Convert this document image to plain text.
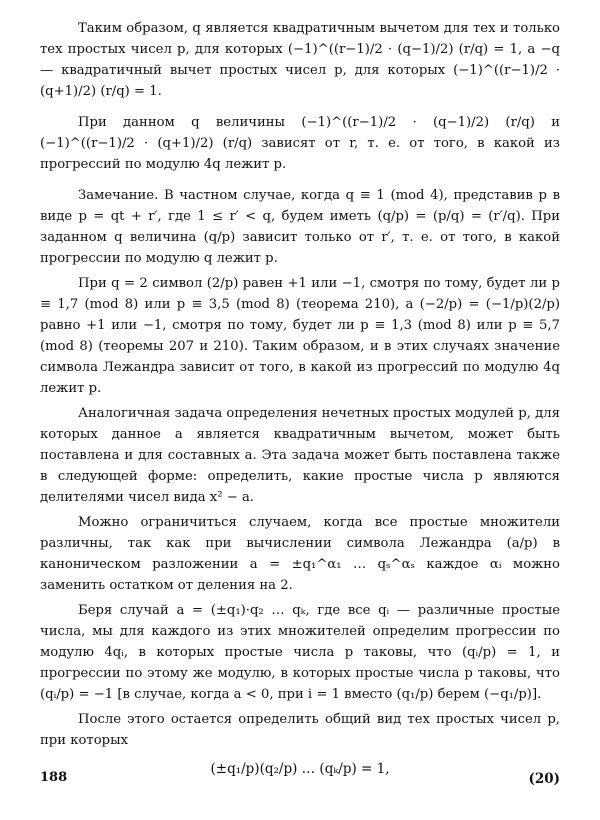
Таким образом, q является квадратичным вычетом для тех и только тех простых чисел p, для которых (−1)^((r−1)/2 · (q−1)/2) (r/q) = 1, а −q — квадратичный вычет простых чисел p, для которых (−1)^((r−1)/2 · (q+1)/2) (r/q) = 1.

При данном q величины (−1)^((r−1)/2 · (q−1)/2) (r/q) и (−1)^((r−1)/2 · (q+1)/2) (r/q) зависят от r, т. е. от того, в какой из прогрессий по модулю 4q лежит p.

Замечание. В частном случае, когда q ≡ 1 (mod 4), представив p в виде p = qt + r′, где 1 ≤ r′ < q, будем иметь (q/p) = (p/q) = (r′/q). При заданном q величина (q/p) зависит только от r′, т. е. от того, в какой прогрессии по модулю q лежит p.

При q = 2 символ (2/p) равен +1 или −1, смотря по тому, будет ли p ≡ 1,7 (mod 8) или p ≡ 3,5 (mod 8) (теорема 210), а (−2/p) = (−1/p)(2/p) равно +1 или −1, смотря по тому, будет ли p ≡ 1,3 (mod 8) или p ≡ 5,7 (mod 8) (теоремы 207 и 210). Таким образом, и в этих случаях значение символа Лежандра зависит от того, в какой из прогрессий по модулю 4q лежит p.

Аналогичная задача определения нечетных простых модулей p, для которых данное a является квадратичным вычетом, может быть поставлена и для составных a. Эта задача может быть поставлена также в следующей форме: определить, какие простые числа p являются делителями чисел вида x² − a.

Можно ограничиться случаем, когда все простые множители различны, так как при вычислении символа Лежандра (a/p) в каноническом разложении a = ±q₁^α₁ … qₛ^αₛ каждое αᵢ можно заменить остатком от деления на 2.

Беря случай a = (±q₁)·q₂ … qₖ, где все qᵢ — различные простые числа, мы для каждого из этих множителей определим прогрессии по модулю 4qᵢ, в которых простые числа p таковы, что (qᵢ/p) = 1, и прогрессии по этому же модулю, в которых простые числа p таковы, что (qᵢ/p) = −1 [в случае, когда a < 0, при i = 1 вместо (q₁/p) берем (−q₁/p)].

После этого остается определить общий вид тех простых чисел p, при которых

(±q₁/p)(q₂/p) … (qₖ/p) = 1,
(20)
188
